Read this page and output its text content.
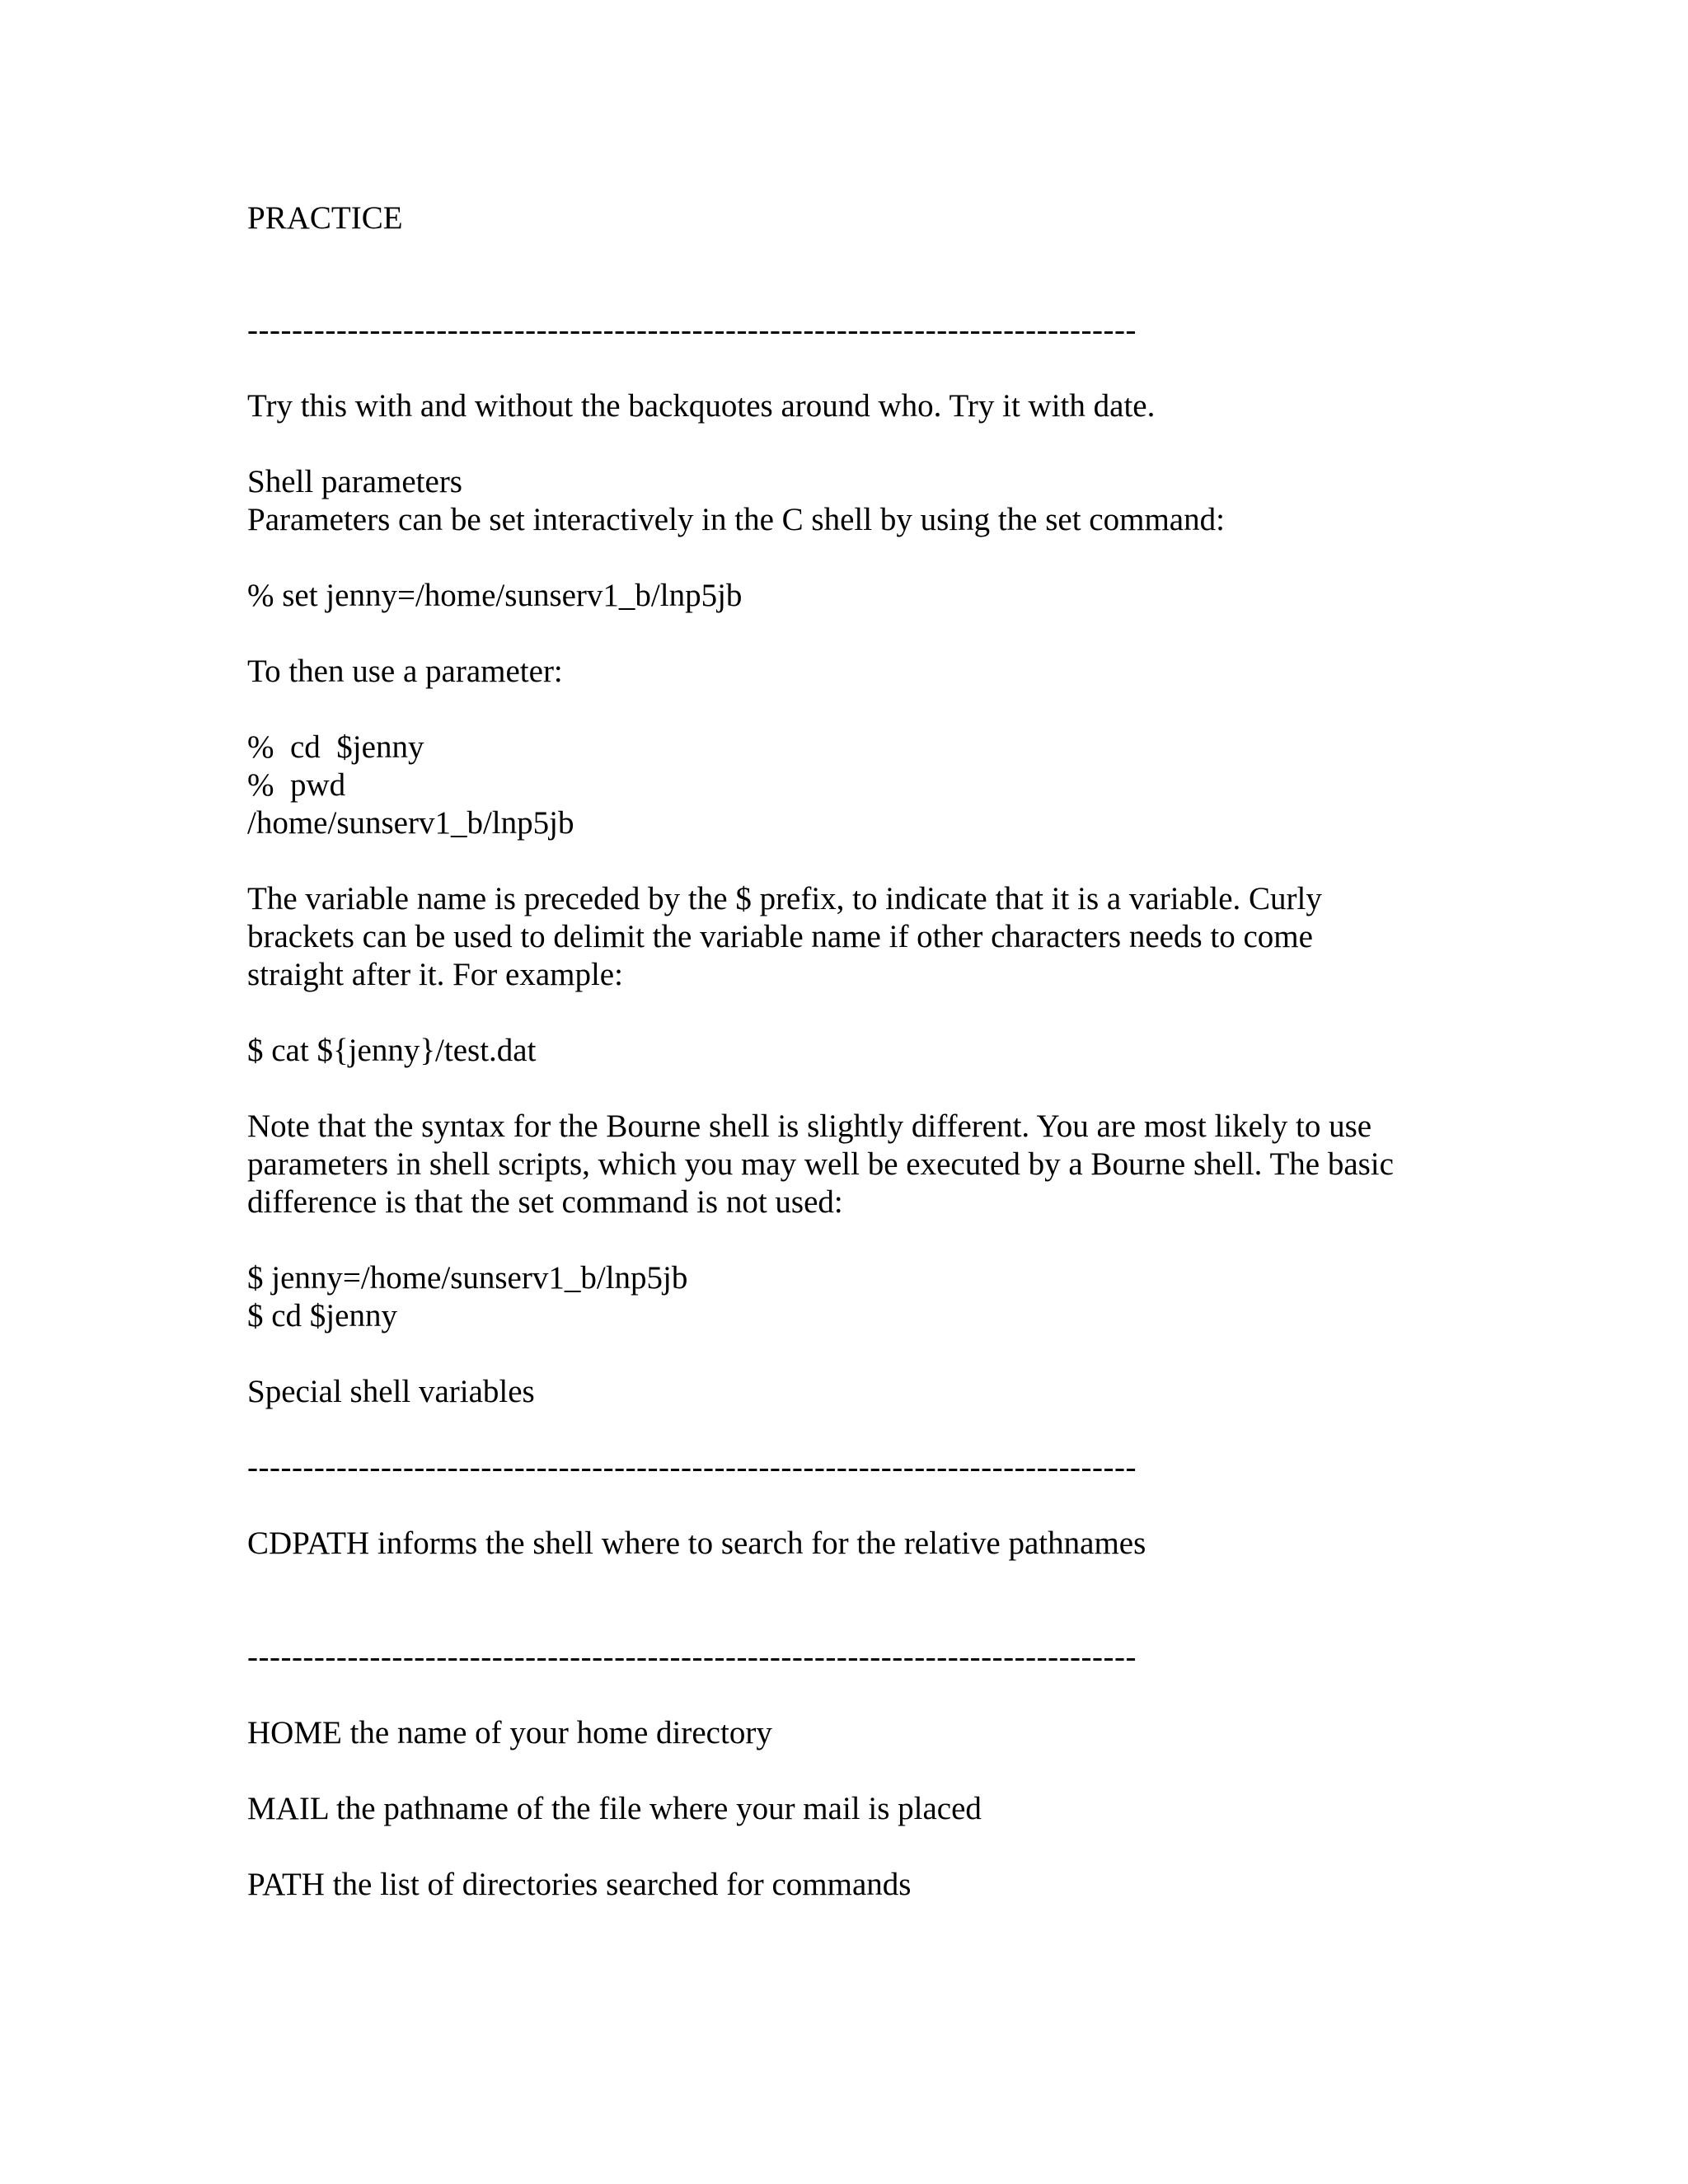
PRACTICE
--------------------------------------------------------------------------------
Try this with and without the backquotes around who. Try it with date.
Shell parameters
Parameters can be set interactively in the C shell by using the set command:
% set jenny=/home/sunserv1_b/lnp5jb
To then use a parameter:
%  cd  $jenny
%  pwd
/home/sunserv1_b/lnp5jb
The variable name is preceded by the $ prefix, to indicate that it is a variable. Curly
brackets can be used to delimit the variable name if other characters needs to come
straight after it. For example:
$ cat ${jenny}/test.dat
Note that the syntax for the Bourne shell is slightly different. You are most likely to use
parameters in shell scripts, which you may well be executed by a Bourne shell. The basic
difference is that the set command is not used:
$ jenny=/home/sunserv1_b/lnp5jb
$ cd $jenny
Special shell variables
--------------------------------------------------------------------------------
CDPATH informs the shell where to search for the relative pathnames
--------------------------------------------------------------------------------
HOME the name of your home directory
MAIL the pathname of the file where your mail is placed
PATH the list of directories searched for commands
